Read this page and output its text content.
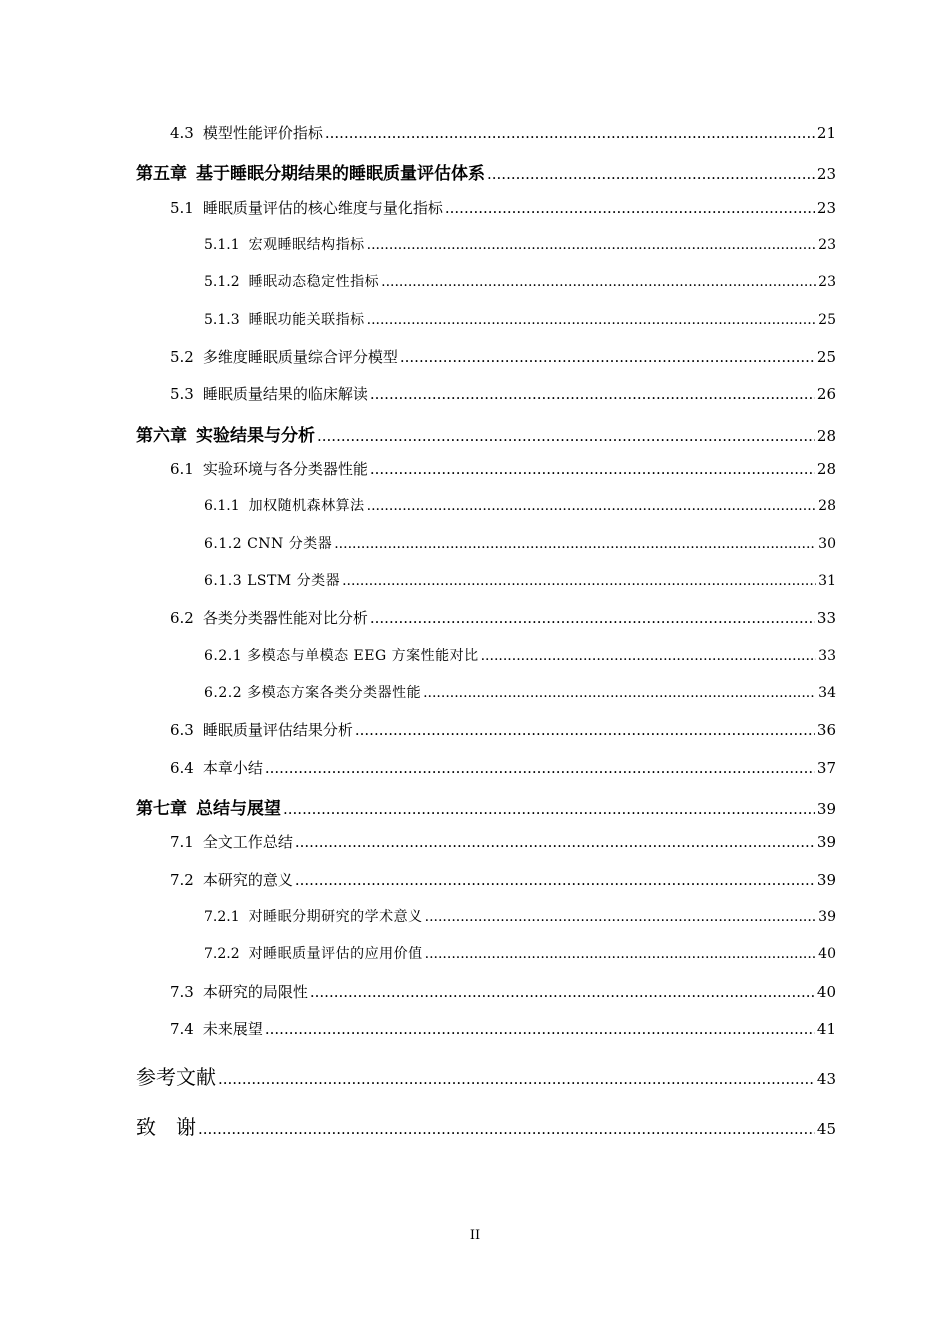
4.3 模型性能评价指标 .....	21
第五章 基于睡眠分期结果的睡眠质量评估体系 .....	23
5.1 睡眠质量评估的核心维度与量化指标 .....	23
5.1.1 宏观睡眠结构指标 .....	23
5.1.2 睡眠动态稳定性指标 .....	23
5.1.3 睡眠功能关联指标 .....	25
5.2 多维度睡眠质量综合评分模型 .....	25
5.3 睡眠质量结果的临床解读 .....	26
第六章 实验结果与分析 .....	28
6.1 实验环境与各分类器性能 .....	28
6.1.1 加权随机森林算法 .....	28
6.1.2 CNN 分类器 .....	30
6.1.3 LSTM 分类器 .....	31
6.2 各类分类器性能对比分析 .....	33
6.2.1 多模态与单模态 EEG 方案性能对比 .....	33
6.2.2 多模态方案各类分类器性能 .....	34
6.3 睡眠质量评估结果分析 .....	36
6.4 本章小结 .....	37
第七章 总结与展望 .....	39
7.1 全文工作总结 .....	39
7.2 本研究的意义 .....	39
7.2.1 对睡眠分期研究的学术意义 .....	39
7.2.2 对睡眠质量评估的应用价值 .....	40
7.3 本研究的局限性 .....	40
7.4 未来展望 .....	41
参考文献 .....	43
致　谢 .....	45
II
